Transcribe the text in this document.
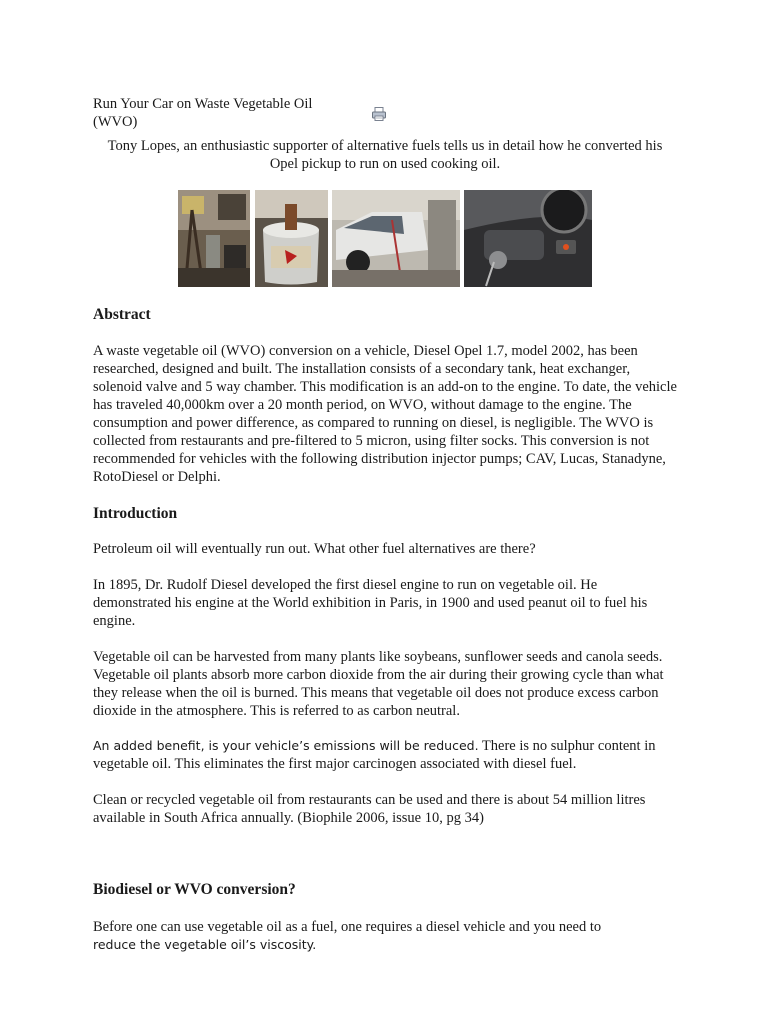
Run Your Car on Waste Vegetable Oil
(WVO)
Tony Lopes, an enthusiastic supporter of alternative fuels tells us in detail how he converted his Opel pickup to run on used cooking oil.
Abstract

A waste vegetable oil (WVO) conversion on a vehicle, Diesel Opel 1.7, model 2002, has been researched, designed and built. The installation consists of a secondary tank, heat exchanger, solenoid valve and 5 way chamber. This modification is an add-on to the engine. To date, the vehicle has traveled 40,000km over a 20 month period, on WVO, without damage to the engine. The consumption and power difference, as compared to running on diesel, is negligible. The WVO is collected from restaurants and pre-filtered to 5 micron, using filter socks. This conversion is not recommended for vehicles with the following distribution injector pumps; CAV, Lucas, Stanadyne, RotoDiesel or Delphi.

Introduction

Petroleum oil will eventually run out. What other fuel alternatives are there?

In 1895, Dr. Rudolf Diesel developed the first diesel engine to run on vegetable oil. He demonstrated his engine at the World exhibition in Paris, in 1900 and used peanut oil to fuel his engine.

Vegetable oil can be harvested from many plants like soybeans, sunflower seeds and canola seeds. Vegetable oil plants absorb more carbon dioxide from the air during their growing cycle than what they release when the oil is burned. This means that vegetable oil does not produce excess carbon dioxide in the atmosphere. This is referred to as carbon neutral.

An added benefit, is your vehicle’s emissions will be reduced. There is no sulphur content in vegetable oil. This eliminates the first major carcinogen associated with diesel fuel.

Clean or recycled vegetable oil from restaurants can be used and there is about 54 million litres available in South Africa annually. (Biophile 2006, issue 10, pg 34)

Biodiesel or WVO conversion?

Before one can use vegetable oil as a fuel, one requires a diesel vehicle and you need to
reduce the vegetable oil’s viscosity.
